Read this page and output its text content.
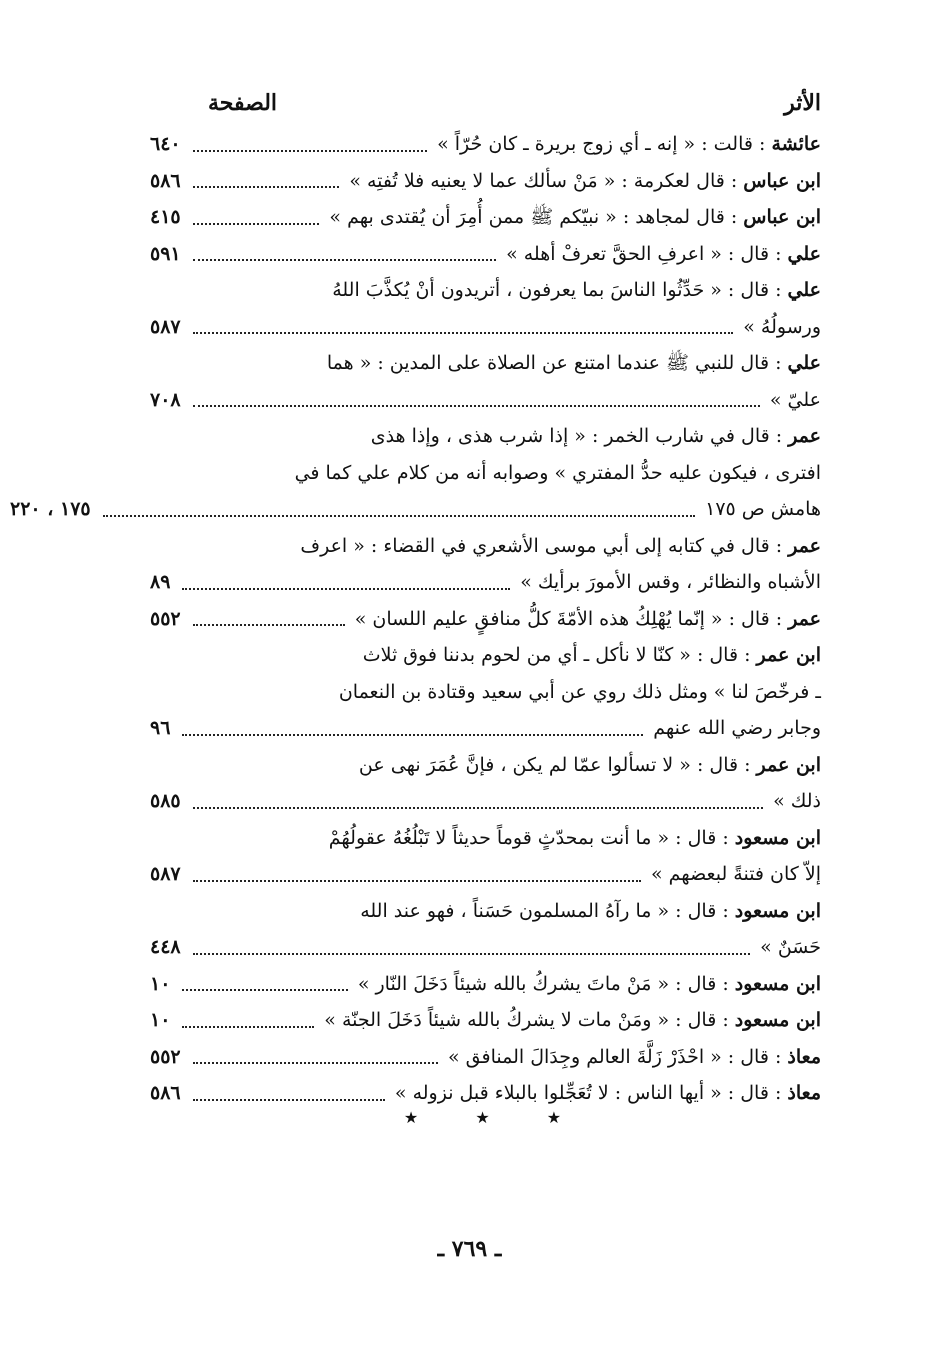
الأثر
الصفحة
عائشة : قالت : « إنه ـ أي زوج بريرة ـ كان حُرّاً »
٦٤٠
ابن عباس : قال لعكرمة : « مَنْ سألك عما لا يعنيه فلا تُفتِه »
٥٨٦
ابن عباس : قال لمجاهد : « نبيّكم ﷺ ممن أُمِرَ أن يُقتدى بهم »
٤١٥
علي : قال : « اعرفِ الحقَّ تعرفْ أهله »
٥٩١
علي : قال : « حَدِّثُوا الناسَ بما يعرفون ، أتريدون أنْ يُكذَّبَ اللهُ
ورسولُهُ »
٥٨٧
علي : قال للنبي ﷺ عندما امتنع عن الصلاة على المدين : « هما
عليّ »
٧٠٨
عمر : قال في شارب الخمر : « إذا شرب هذى ، وإذا هذى
افترى ، فيكون عليه حدُّ المفتري » وصوابه أنه من كلام علي كما في
هامش ص ١٧٥
١٧٥ ، ٢٢٠
عمر : قال في كتابه إلى أبي موسى الأشعري في القضاء : « اعرف
الأشباه والنظائر ، وقس الأمورَ برأيك »
٨٩
عمر : قال : « إنّما يُهْلِكُ هذه الأمّةَ كلُّ منافقٍ عليم اللسان »
٥٥٢
ابن عمر : قال : « كنّا لا نأكل ـ أي من لحوم بدننا فوق ثلاث
ـ فرخّصَ لنا » ومثل ذلك روي عن أبي سعيد وقتادة بن النعمان
وجابر رضي الله عنهم
٩٦
ابن عمر : قال : « لا تسألوا عمّا لم يكن ، فإنَّ عُمَرَ نهى عن
ذلك »
٥٨٥
ابن مسعود : قال : « ما أنت بمحدّثٍ قوماً حديثاً لا تَبْلُغُهُ عقولُهُمْ
إلاّ كان فتنةً لبعضهم »
٥٨٧
ابن مسعود : قال : « ما رآهُ المسلمون حَسَناً ، فهو عند الله
حَسَنٌ »
٤٤٨
ابن مسعود : قال : « مَنْ ماتَ يشركُ بالله شيئاً دَخَلَ النّار »
١٠
ابن مسعود : قال : « ومَنْ مات لا يشركُ بالله شيئاً دَخَلَ الجنّة »
١٠
معاذ : قال : « احْذَرْ زَلَّةَ العالم وجِدَالَ المنافق »
٥٥٢
معاذ : قال : « أيها الناس : لا تُعَجِّلوا بالبلاء قبل نزوله »
٥٨٦
★ ★ ★
ـ ٧٦٩ ـ
